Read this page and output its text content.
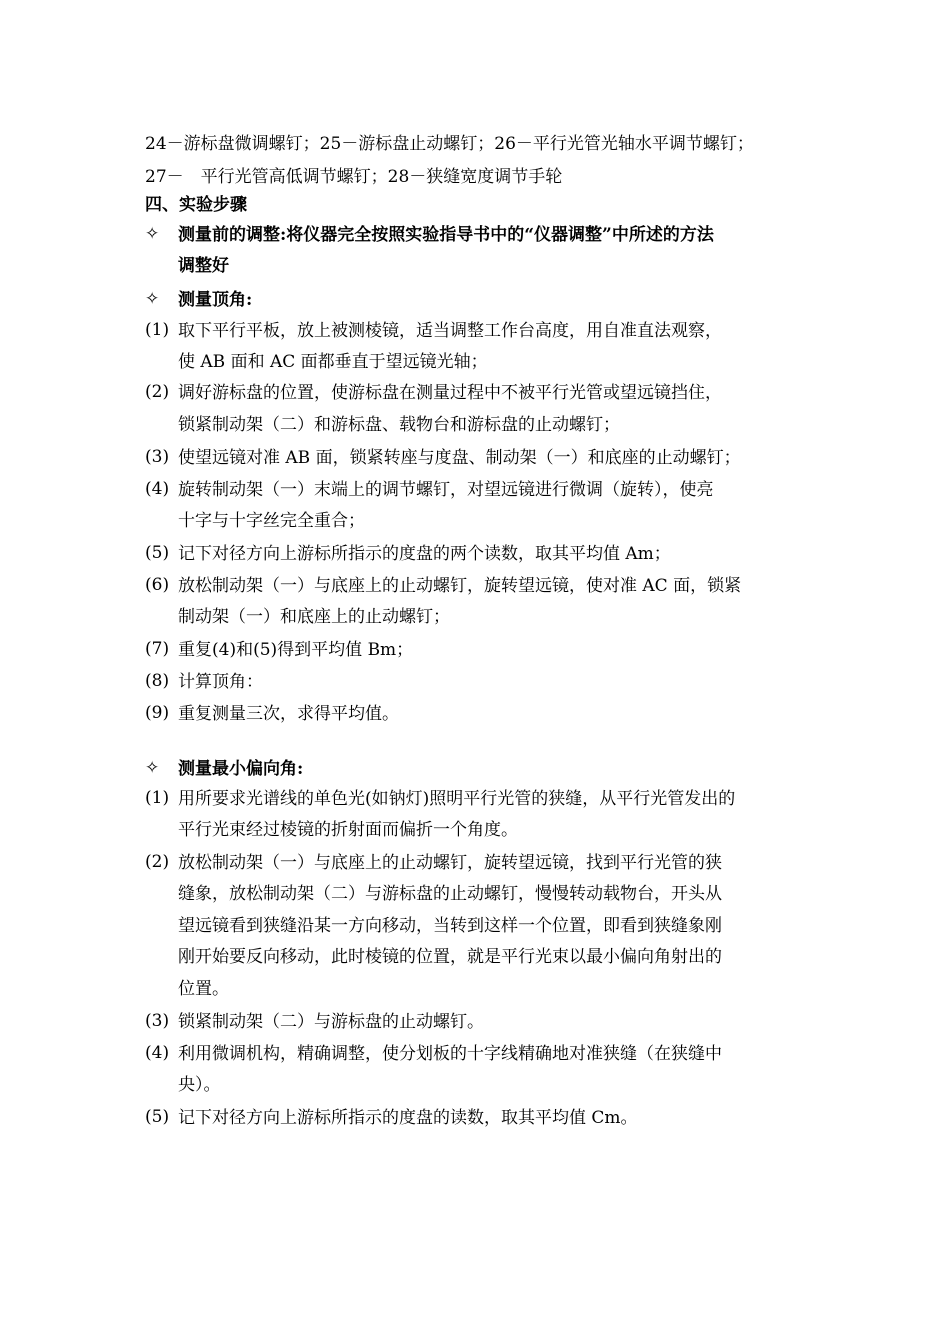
24－游标盘微调螺钉；25－游标盘止动螺钉；26－平行光管光轴水平调节螺钉；
27－　平行光管高低调节螺钉；28－狭缝宽度调节手轮
四、实验步骤
✧	测量前的调整:将仪器完全按照实验指导书中的“仪器调整”中所述的方法
调整好
✧	测量顶角:
(1) 取下平行平板，放上被测棱镜，适当调整工作台高度，用自准直法观察，
使 AB 面和 AC 面都垂直于望远镜光轴；
(2) 调好游标盘的位置，使游标盘在测量过程中不被平行光管或望远镜挡住，
锁紧制动架（二）和游标盘、载物台和游标盘的止动螺钉；
(3) 使望远镜对准 AB 面，锁紧转座与度盘、制动架（一）和底座的止动螺钉；
(4) 旋转制动架（一）末端上的调节螺钉，对望远镜进行微调（旋转），使亮
十字与十字丝完全重合；
(5) 记下对径方向上游标所指示的度盘的两个读数，取其平均值 Am；
(6) 放松制动架（一）与底座上的止动螺钉，旋转望远镜，使对准 AC 面，锁紧
制动架（一）和底座上的止动螺钉；
(7) 重复(4)和(5)得到平均值 Bm；
(8) 计算顶角：
(9) 重复测量三次，求得平均值。
✧	测量最小偏向角:
(1) 用所要求光谱线的单色光(如钠灯)照明平行光管的狭缝，从平行光管发出的
平行光束经过棱镜的折射面而偏折一个角度。
(2) 放松制动架（一）与底座上的止动螺钉，旋转望远镜，找到平行光管的狭
缝象，放松制动架（二）与游标盘的止动螺钉，慢慢转动载物台，开头从
望远镜看到狭缝沿某一方向移动，当转到这样一个位置，即看到狭缝象刚
刚开始要反向移动，此时棱镜的位置，就是平行光束以最小偏向角射出的
位置。
(3) 锁紧制动架（二）与游标盘的止动螺钉。
(4) 利用微调机构，精确调整，使分划板的十字线精确地对准狭缝（在狭缝中
央）。
(5) 记下对径方向上游标所指示的度盘的读数，取其平均值 Cm。
